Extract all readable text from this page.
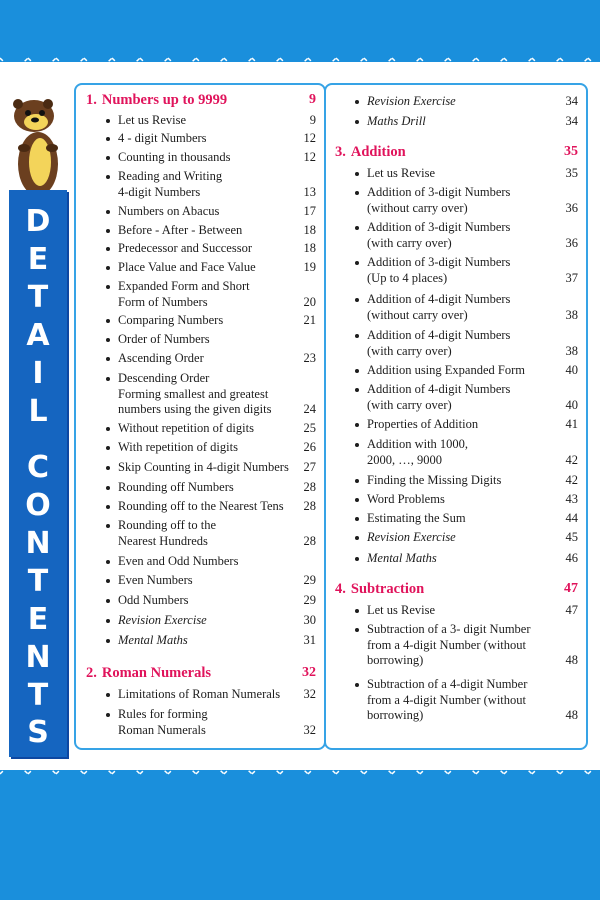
D
E
T
A
I
L
C
O
N
T
E
N
T
S
1. Numbers up to 9999	9
Let us Revise	9
4 - digit Numbers	12
Counting in thousands	12
Reading and Writing
4-digit Numbers	13
Numbers on Abacus	17
Before - After - Between	18
Predecessor and Successor	18
Place Value and Face Value	19
Expanded Form and Short
Form of Numbers	20
Comparing Numbers	21
Order of Numbers
Ascending Order	23
Descending Order
Forming smallest and greatest
numbers using the given digits	24
Without repetition of digits	25
With repetition of digits	26
Skip Counting in 4-digit Numbers	27
Rounding off Numbers	28
Rounding off to the Nearest Tens	28
Rounding off to the
Nearest Hundreds	28
Even and Odd Numbers
Even Numbers	29
Odd Numbers	29
Revision Exercise	30
Mental Maths	31
2. Roman Numerals	32
Limitations of Roman Numerals	32
Rules for forming
Roman Numerals	32
Revision Exercise	34
Maths Drill	34
3. Addition	35
Let us Revise	35
Addition of 3-digit Numbers
(without carry over)	36
Addition of 3-digit Numbers
(with carry over)	36
Addition of 3-digit Numbers
(Up to 4 places)	37
Addition of 4-digit Numbers
(without carry over)	38
Addition of 4-digit Numbers
(with carry over)	38
Addition using Expanded Form	40
Addition of 4-digit Numbers
(with carry over)	40
Properties of Addition	41
Addition with 1000,
2000, …, 9000	42
Finding the Missing Digits	42
Word Problems	43
Estimating the Sum	44
Revision Exercise	45
Mental Maths	46
4. Subtraction	47
Let us Revise	47
Subtraction of a 3- digit Number
from a 4-digit Number (without
borrowing)	48
Subtraction of a 4-digit Number
from a 4-digit Number (without
borrowing)	48
